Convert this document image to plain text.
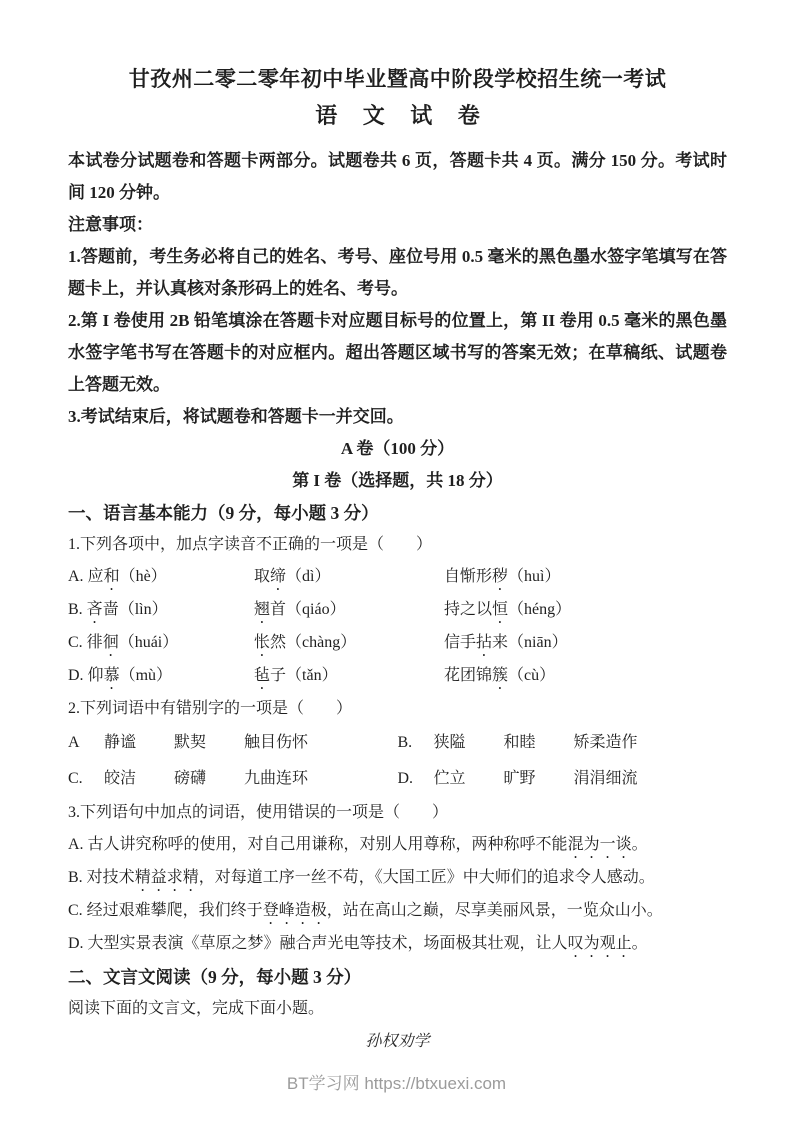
甘孜州二零二零年初中毕业暨高中阶段学校招生统一考试
语 文 试 卷

本试卷分试题卷和答题卡两部分。试题卷共 6 页，答题卡共 4 页。满分 150 分。考试时间 120 分钟。

注意事项：

1.答题前，考生务必将自己的姓名、考号、座位号用 0.5 毫米的黑色墨水签字笔填写在答题卡上，并认真核对条形码上的姓名、考号。

2.第 I 卷使用 2B 铅笔填涂在答题卡对应题目标号的位置上，第 II 卷用 0.5 毫米的黑色墨水签字笔书写在答题卡的对应框内。超出答题区域书写的答案无效；在草稿纸、试题卷上答题无效。

3.考试结束后，将试题卷和答题卡一并交回。

A 卷（100 分）

第 I 卷（选择题，共 18 分）

一、语言基本能力（9 分，每小题 3 分）

1.下列各项中，加点字读音不正确的一项是（　　）

A. 应和（hè）	取缔（dì）	自惭形秽（huì）
B. 吝啬（lìn）	翘首（qiáo）	持之以恒（héng）
C. 徘徊（huái）	怅然（chàng）	信手拈来（niān）
D. 仰慕（mù）	毡子（tǎn）	花团锦簇（cù）

2.下列词语中有错别字的一项是（　　）

A	静谧 默契 触目伤怀	B.	狭隘 和睦 矫柔造作
C.	皎洁 磅礴 九曲连环	D.	伫立 旷野 涓涓细流

3.下列语句中加点的词语，使用错误的一项是（　　）

A. 古人讲究称呼的使用，对自己用谦称，对别人用尊称，两种称呼不能混为一谈。

B. 对技术精益求精，对每道工序一丝不苟，《大国工匠》中大师们的追求令人感动。

C. 经过艰难攀爬，我们终于登峰造极，站在高山之巅，尽享美丽风景，一览众山小。

D. 大型实景表演《草原之梦》融合声光电等技术，场面极其壮观，让人叹为观止。

二、文言文阅读（9 分，每小题 3 分）

阅读下面的文言文，完成下面小题。

孙权劝学

BT学习网 https://btxuexi.com
